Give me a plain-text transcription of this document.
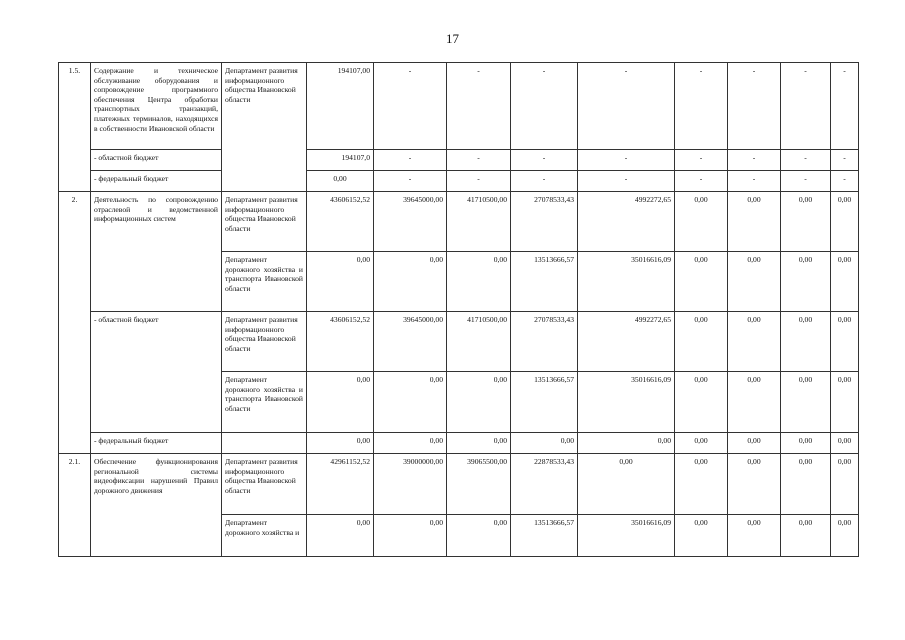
17
1.5.	Содержание и техническое обслуживание оборудования и сопровождение программного обеспечения Центра обработки транспортных транзакций, платежных терминалов, находящихся в собственности Ивановской области	Департамент развития информационного общества Ивановской области	194107,00	-	-	-	-	-	-	-	-
	- областной бюджет		194107,0	-	-	-	-	-	-	-	-
	- федеральный бюджет		0,00	-	-	-	-	-	-	-	-
2.	Деятельность по сопровождению отраслевой и ведомственной информационных систем	Департамент развития информационного общества Ивановской области	43606152,52	39645000,00	41710500,00	27078533,43	4992272,65	0,00	0,00	0,00	0,00
		Департамент дорожного хозяйства и транспорта Ивановской области	0,00	0,00	0,00	13513666,57	35016616,09	0,00	0,00	0,00	0,00
	- областной бюджет	Департамент развития информационного общества Ивановской области	43606152,52	39645000,00	41710500,00	27078533,43	4992272,65	0,00	0,00	0,00	0,00
		Департамент дорожного хозяйства и транспорта Ивановской области	0,00	0,00	0,00	13513666,57	35016616,09	0,00	0,00	0,00	0,00
	- федеральный бюджет		0,00	0,00	0,00	0,00	0,00	0,00	0,00	0,00	0,00
2.1.	Обеспечение функционирования региональной системы видеофиксации нарушений Правил дорожного движения	Департамент развития информационного общества Ивановской области	42961152,52	39000000,00	39065500,00	22878533,43	0,00	0,00	0,00	0,00	0,00
		Департамент дорожного хозяйства и	0,00	0,00	0,00	13513666,57	35016616,09	0,00	0,00	0,00	0,00
